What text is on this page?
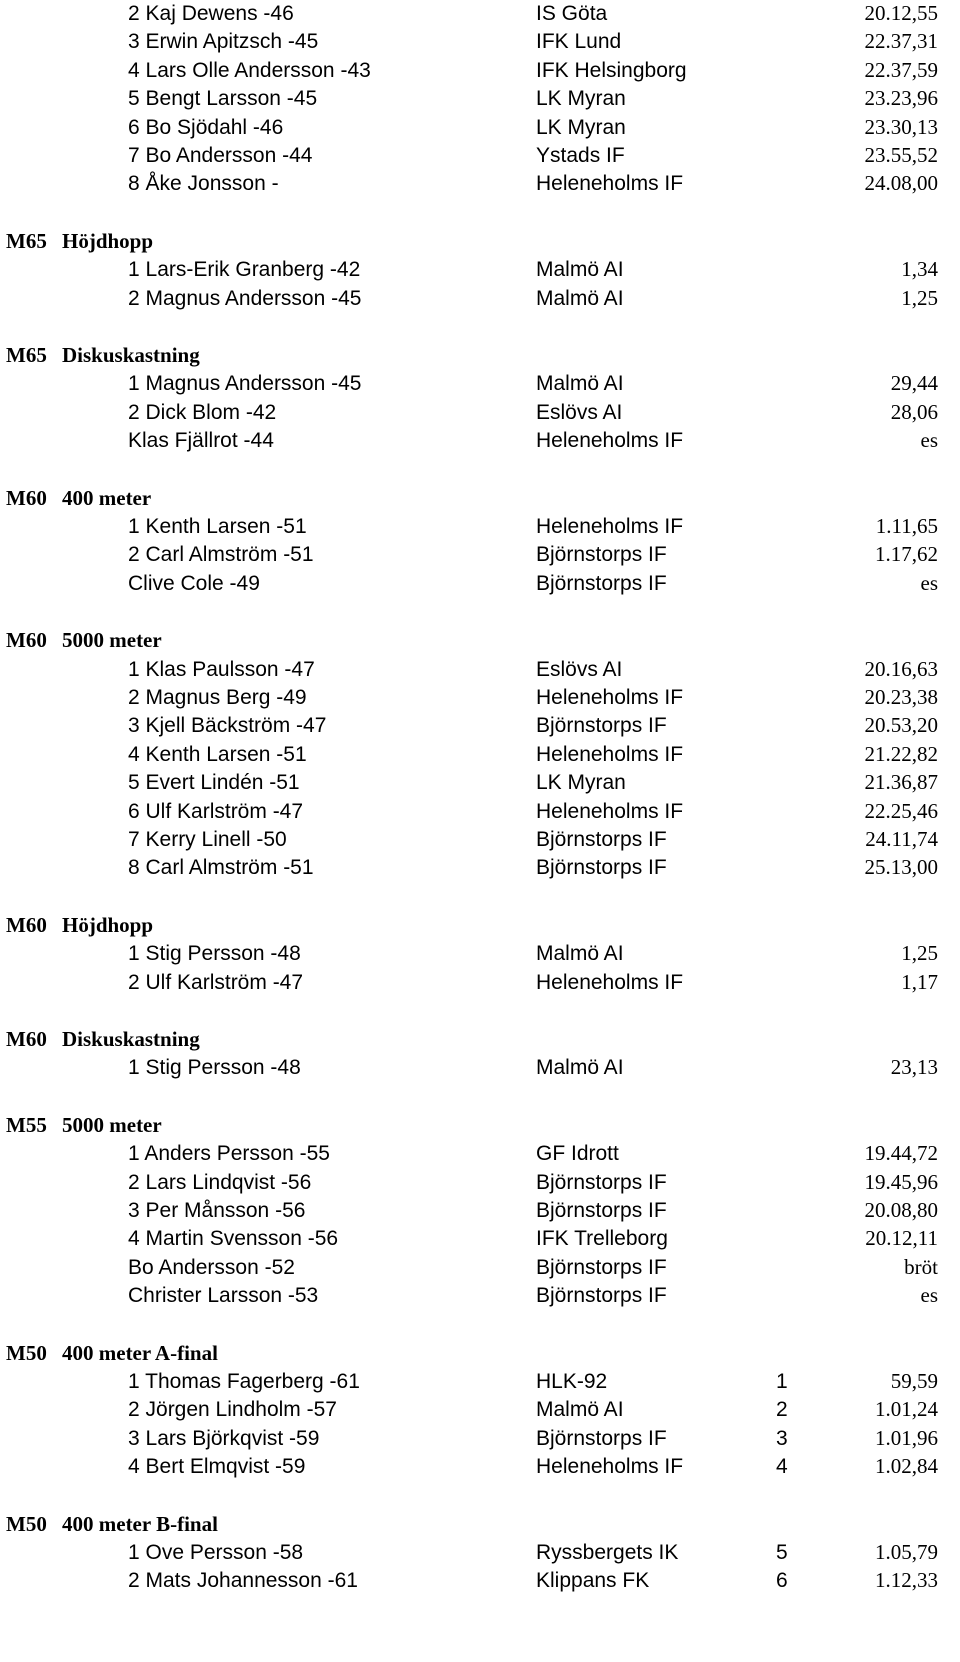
2 Kaj Dewens -46	IS Göta	20.12,55
3 Erwin Apitzsch -45	IFK Lund	22.37,31
4 Lars Olle Andersson -43	IFK Helsingborg	22.37,59
5 Bengt Larsson -45	LK Myran	23.23,96
6 Bo Sjödahl -46	LK Myran	23.30,13
7 Bo Andersson -44	Ystads IF	23.55,52
8 Åke Jonsson -	Heleneholms IF	24.08,00
M65 Höjdhopp
1 Lars-Erik Granberg -42	Malmö AI	1,34
2 Magnus Andersson -45	Malmö AI	1,25
M65 Diskuskastning
1 Magnus Andersson -45	Malmö AI	29,44
2 Dick Blom -42	Eslövs AI	28,06
Klas Fjällrot -44	Heleneholms IF	es
M60 400 meter
1 Kenth Larsen -51	Heleneholms IF	1.11,65
2 Carl Almström -51	Björnstorps IF	1.17,62
Clive Cole -49	Björnstorps IF	es
M60 5000 meter
1 Klas Paulsson -47	Eslövs AI	20.16,63
2 Magnus Berg -49	Heleneholms IF	20.23,38
3 Kjell Bäckström -47	Björnstorps IF	20.53,20
4 Kenth Larsen -51	Heleneholms IF	21.22,82
5 Evert Lindén -51	LK Myran	21.36,87
6 Ulf Karlström -47	Heleneholms IF	22.25,46
7 Kerry Linell -50	Björnstorps IF	24.11,74
8 Carl Almström -51	Björnstorps IF	25.13,00
M60 Höjdhopp
1 Stig Persson -48	Malmö AI	1,25
2 Ulf Karlström -47	Heleneholms IF	1,17
M60 Diskuskastning
1 Stig Persson -48	Malmö AI	23,13
M55 5000 meter
1 Anders Persson -55	GF Idrott	19.44,72
2 Lars Lindqvist -56	Björnstorps IF	19.45,96
3 Per Månsson -56	Björnstorps IF	20.08,80
4 Martin Svensson -56	IFK Trelleborg	20.12,11
Bo Andersson -52	Björnstorps IF	bröt
Christer Larsson -53	Björnstorps IF	es
M50 400 meter A-final
1 Thomas Fagerberg -61	HLK-92	1	59,59
2 Jörgen Lindholm -57	Malmö AI	2	1.01,24
3 Lars Björkqvist -59	Björnstorps IF	3	1.01,96
4 Bert Elmqvist -59	Heleneholms IF	4	1.02,84
M50 400 meter B-final
1 Ove Persson -58	Ryssbergets IK	5	1.05,79
2 Mats Johannesson -61	Klippans FK	6	1.12,33
